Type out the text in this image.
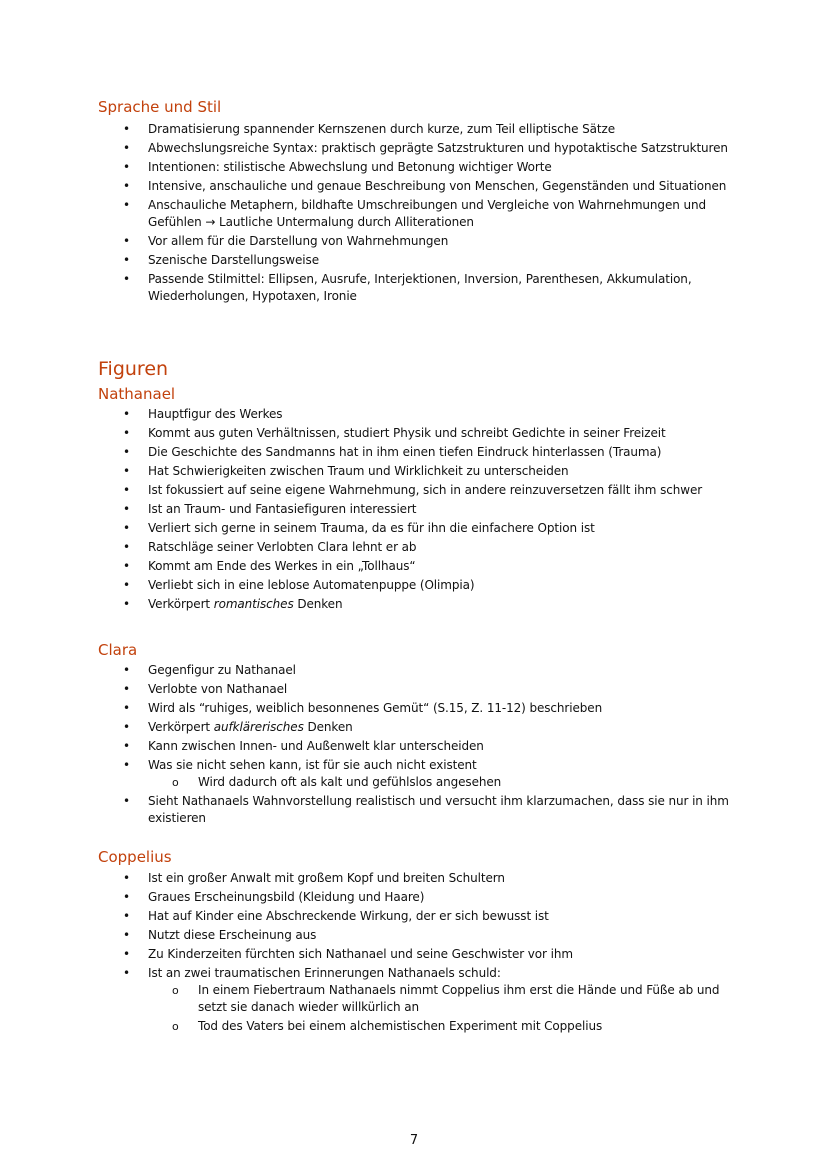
Sprache und Stil
• Dramatisierung spannender Kernszenen durch kurze, zum Teil elliptische Sätze
• Abwechslungsreiche Syntax: praktisch geprägte Satzstrukturen und hypotaktische Satzstrukturen
• Intentionen: stilistische Abwechslung und Betonung wichtiger Worte
• Intensive, anschauliche und genaue Beschreibung von Menschen, Gegenständen und Situationen
• Anschauliche Metaphern, bildhafte Umschreibungen und Vergleiche von Wahrnehmungen und Gefühlen → Lautliche Untermalung durch Alliterationen
• Vor allem für die Darstellung von Wahrnehmungen
• Szenische Darstellungsweise
• Passende Stilmittel: Ellipsen, Ausrufe, Interjektionen, Inversion, Parenthesen, Akkumulation, Wiederholungen, Hypotaxen, Ironie
Figuren
Nathanael
• Hauptfigur des Werkes
• Kommt aus guten Verhältnissen, studiert Physik und schreibt Gedichte in seiner Freizeit
• Die Geschichte des Sandmanns hat in ihm einen tiefen Eindruck hinterlassen (Trauma)
• Hat Schwierigkeiten zwischen Traum und Wirklichkeit zu unterscheiden
• Ist fokussiert auf seine eigene Wahrnehmung, sich in andere reinzuversetzen fällt ihm schwer
• Ist an Traum- und Fantasiefiguren interessiert
• Verliert sich gerne in seinem Trauma, da es für ihn die einfachere Option ist
• Ratschläge seiner Verlobten Clara lehnt er ab
• Kommt am Ende des Werkes in ein „Tollhaus“
• Verliebt sich in eine leblose Automatenpuppe (Olimpia)
• Verkörpert romantisches Denken
Clara
• Gegenfigur zu Nathanael
• Verlobte von Nathanael
• Wird als “ruhiges, weiblich besonnenes Gemüt“ (S.15, Z. 11-12) beschrieben
• Verkörpert aufklärerisches Denken
• Kann zwischen Innen- und Außenwelt klar unterscheiden
• Was sie nicht sehen kann, ist für sie auch nicht existent
o Wird dadurch oft als kalt und gefühlslos angesehen
• Sieht Nathanaels Wahnvorstellung realistisch und versucht ihm klarzumachen, dass sie nur in ihm existieren
Coppelius
• Ist ein großer Anwalt mit großem Kopf und breiten Schultern
• Graues Erscheinungsbild (Kleidung und Haare)
• Hat auf Kinder eine Abschreckende Wirkung, der er sich bewusst ist
• Nutzt diese Erscheinung aus
• Zu Kinderzeiten fürchten sich Nathanael und seine Geschwister vor ihm
• Ist an zwei traumatischen Erinnerungen Nathanaels schuld:
o In einem Fiebertraum Nathanaels nimmt Coppelius ihm erst die Hände und Füße ab und setzt sie danach wieder willkürlich an
o Tod des Vaters bei einem alchemistischen Experiment mit Coppelius
7
